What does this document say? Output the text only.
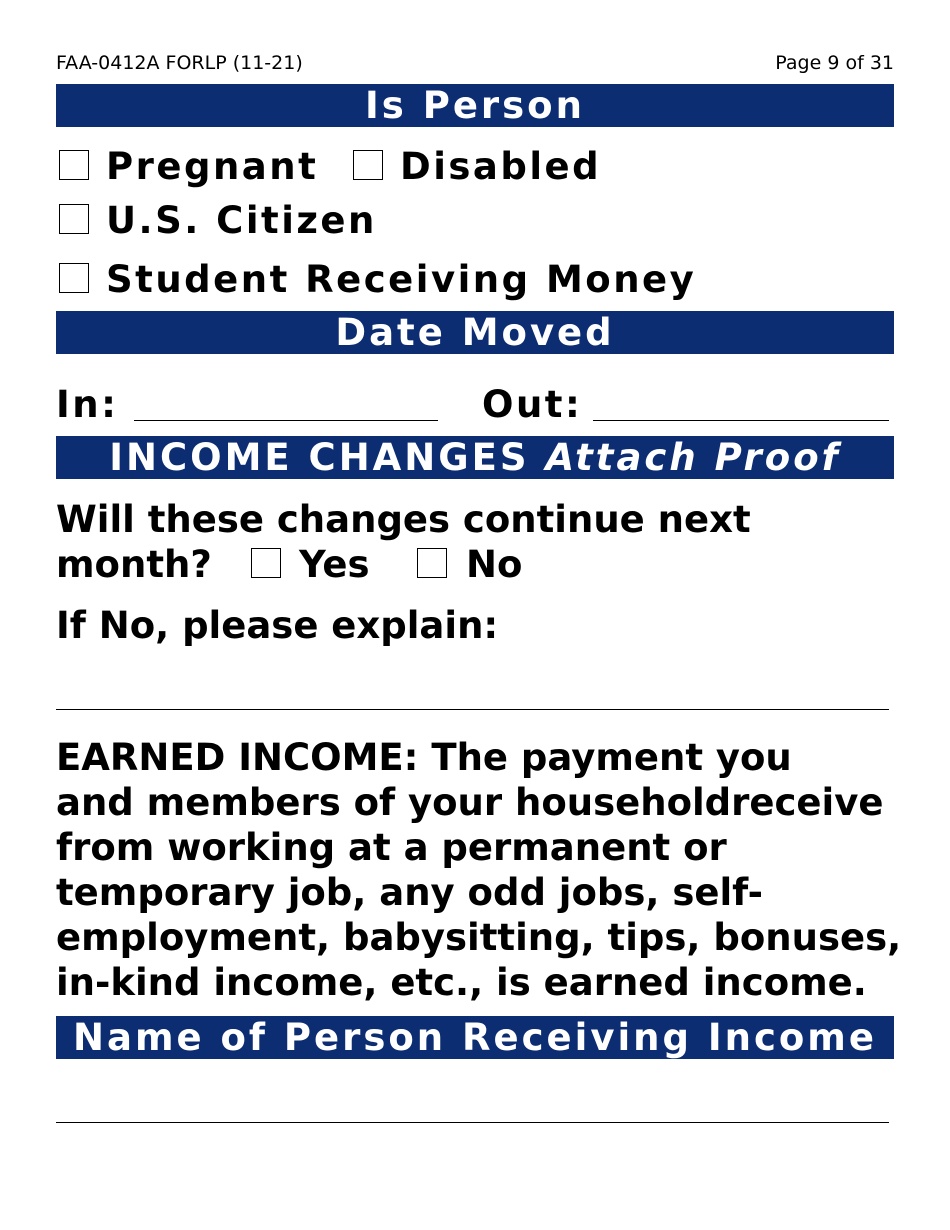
FAA-0412A FORLP (11-21)	Page 9 of 31
Is Person
Pregnant Disabled
U.S. Citizen
Student Receiving Money
Date Moved
In:	Out:
INCOME CHANGES Attach Proof
Will these changes continue next
month? Yes	No
If No, please explain:
EARNED INCOME: The payment you
and members of your householdreceive
from working at a permanent or
temporary job, any odd jobs, self-
employment, babysitting, tips, bonuses,
in-kind income, etc., is earned income.
Name of Person Receiving Income
